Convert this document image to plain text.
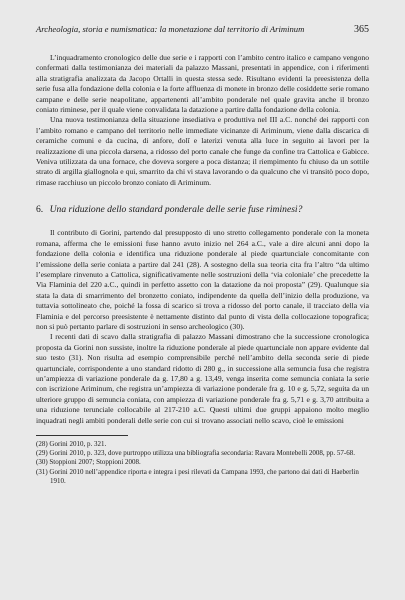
Archeologia, storia e numismatica: la monetazione dal territorio di Ariminum	365

L’inquadramento cronologico delle due serie e i rapporti con l’ambito centro italico e campano vengono confermati dalla testimonianza dei materiali da palazzo Massani, presentati in appendice, con i riferimenti alla stratigrafia analizzata da Jacopo Ortalli in questa stessa sede. Risultano evidenti la preesistenza della serie fusa alla fondazione della colonia e la forte affluenza di monete in bronzo delle cosiddette serie romano campane e delle serie neapolitane, appartenenti all’ambito ponderale nel quale gravita anche il bronzo coniato riminese, per il quale viene convalidata la datazione a partire dalla fondazione della colonia.

Una nuova testimonianza della situazione insediativa e produttiva nel III a.C. nonché dei rapporti con l’ambito romano e campano del territorio nelle immediate vicinanze di Ariminum, viene dalla discarica di ceramiche comuni e da cucina, di anfore, dolî e laterizi venuta alla luce in seguito ai lavori per la realizzazione di una piccola darsena, a ridosso del porto canale che funge da confine tra Cattolica e Gabicce. Veniva utilizzata da una fornace, che doveva sorgere a poca distanza; il riempimento fu chiuso da un sottile strato di argilla giallognola e qui, smarrito da chi vi stava lavorando o da qualcuno che vi transitò poco dopo, rimase racchiuso un piccolo bronzo coniato di Ariminum.

6. Una riduzione dello standard ponderale delle serie fuse riminesi?

Il contributo di Gorini, partendo dal presupposto di uno stretto collegamento ponderale con la moneta romana, afferma che le emissioni fuse hanno avuto inizio nel 264 a.C., vale a dire alcuni anni dopo la fondazione della colonia e identifica una riduzione ponderale al piede quartunciale concomitante con l’emissione della serie coniata a partire dal 241 (28). A sostegno della sua teoria cita fra l’altro “da ultimo l’esemplare rinvenuto a Cattolica, significativamente nelle sostruzioni della ‘via coloniale’ che precedette la Via Flaminia del 220 a.C., quindi in perfetto assetto con la datazione da noi proposta” (29). Qualunque sia stata la data di smarrimento del bronzetto coniato, indipendente da quella dell’inizio della produzione, va tuttavia sottolineato che, poiché la fossa di scarico si trova a ridosso del porto canale, il tracciato della via Flaminia e del percorso preesistente è nettamente distinto dal punto di vista della collocazione topografica; non si può pertanto parlare di sostruzioni in senso archeologico (30).

I recenti dati di scavo dalla stratigrafia di palazzo Massani dimostrano che la successione cronologica proposta da Gorini non sussiste, inoltre la riduzione ponderale al piede quartunciale non appare evidente dal suo testo (31). Non risulta ad esempio comprensibile perché nell’ambito della seconda serie di piede quartunciale, corrispondente a uno standard ridotto di 280 g., in successione alla semuncia fusa che registra un’ampiezza di variazione ponderale da g. 17,80 a g. 13,49, venga inserita come semuncia coniata la serie con iscrizione Ariminum, che registra un’ampiezza di variazione ponderale fra g. 10 e g. 5,72, seguita da un ulteriore gruppo di semuncia coniata, con ampiezza di variazione ponderale fra g. 5,71 e g. 3,70 attribuita a una riduzione terunciale collocabile al 217-210 a.C. Questi ultimi due gruppi appaiono molto meglio inquadrati negli ambiti ponderali delle serie con cui si trovano associati nello scavo, cioè le emissioni

(28) Gorini 2010, p. 321.

(29) Gorini 2010, p. 323, dove purtroppo utilizza una bibliografia secondaria: Ravara Montebelli 2008, pp. 57-68.

(30) Stoppioni 2007; Stoppioni 2008.

(31) Gorini 2010 nell’appendice riporta e integra i pesi rilevati da Campana 1993, che partono dai dati di Haeberlin 1910.
